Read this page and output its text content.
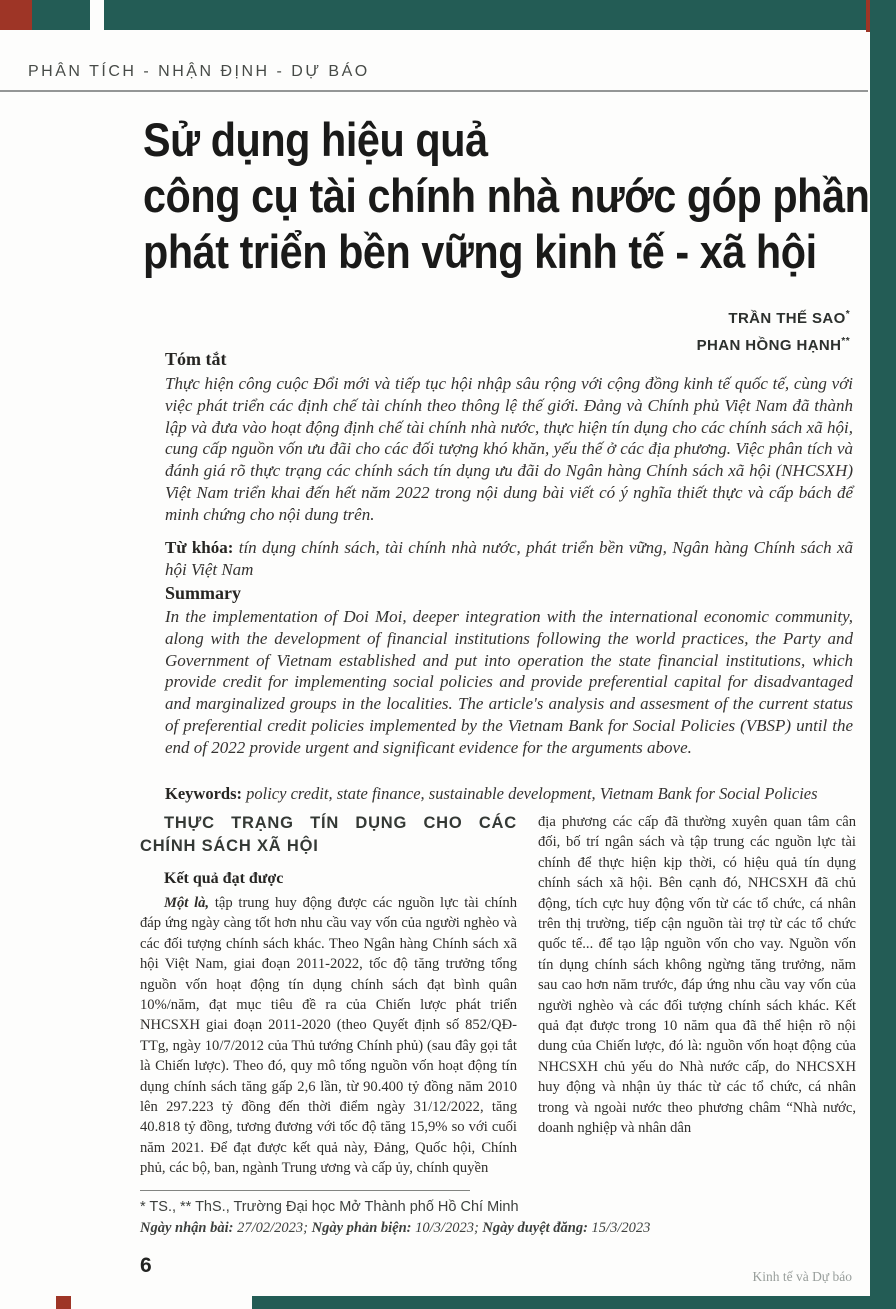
PHÂN TÍCH - NHẬN ĐỊNH - DỰ BÁO
Sử dụng hiệu quả
công cụ tài chính nhà nước góp phần
phát triển bền vững kinh tế - xã hội
TRẦN THẾ SAO*
PHAN HỒNG HẠNH**
Tóm tắt
Thực hiện công cuộc Đổi mới và tiếp tục hội nhập sâu rộng với cộng đồng kinh tế quốc tế, cùng với việc phát triển các định chế tài chính theo thông lệ thế giới. Đảng và Chính phủ Việt Nam đã thành lập và đưa vào hoạt động định chế tài chính nhà nước, thực hiện tín dụng cho các chính sách xã hội, cung cấp nguồn vốn ưu đãi cho các đối tượng khó khăn, yếu thế ở các địa phương. Việc phân tích và đánh giá rõ thực trạng các chính sách tín dụng ưu đãi do Ngân hàng Chính sách xã hội (NHCSXH) Việt Nam triển khai đến hết năm 2022 trong nội dung bài viết có ý nghĩa thiết thực và cấp bách để minh chứng cho nội dung trên.
Từ khóa: tín dụng chính sách, tài chính nhà nước, phát triển bền vững, Ngân hàng Chính sách xã hội Việt Nam
Summary
In the implementation of Doi Moi, deeper integration with the international economic community, along with the development of financial institutions following the world practices, the Party and Government of Vietnam established and put into operation the state financial institutions, which provide credit for implementing social policies and provide preferential capital for disadvantaged and marginalized groups in the localities. The article's analysis and assesment of the current status of preferential credit policies implemented by the Vietnam Bank for Social Policies (VBSP) until the end of 2022 provide urgent and significant evidence for the arguments above.
Keywords: policy credit, state finance, sustainable development, Vietnam Bank for Social Policies

THỰC TRẠNG TÍN DỤNG CHO CÁC CHÍNH SÁCH XÃ HỘI

Kết quả đạt được

Một là, tập trung huy động được các nguồn lực tài chính đáp ứng ngày càng tốt hơn nhu cầu vay vốn của người nghèo và các đối tượng chính sách khác. Theo Ngân hàng Chính sách xã hội Việt Nam, giai đoạn 2011-2022, tốc độ tăng trưởng tổng nguồn vốn hoạt động tín dụng chính sách đạt bình quân 10%/năm, đạt mục tiêu đề ra của Chiến lược phát triển NHCSXH giai đoạn 2011-2020 (theo Quyết định số 852/QĐ-TTg, ngày 10/7/2012 của Thủ tướng Chính phủ) (sau đây gọi tắt là Chiến lược). Theo đó, quy mô tổng nguồn vốn hoạt động tín dụng chính sách tăng gấp 2,6 lần, từ 90.400 tỷ đồng năm 2010 lên 297.223 tỷ đồng đến thời điểm ngày 31/12/2022, tăng 40.818 tỷ đồng, tương đương với tốc độ tăng 15,9% so với cuối năm 2021. Để đạt được kết quả này, Đảng, Quốc hội, Chính phủ, các bộ, ban, ngành Trung ương và cấp ủy, chính quyền

địa phương các cấp đã thường xuyên quan tâm cân đối, bố trí ngân sách và tập trung các nguồn lực tài chính để thực hiện kịp thời, có hiệu quả tín dụng chính sách xã hội. Bên cạnh đó, NHCSXH đã chủ động, tích cực huy động vốn từ các tổ chức, cá nhân trên thị trường, tiếp cận nguồn tài trợ từ các tổ chức quốc tế... để tạo lập nguồn vốn cho vay. Nguồn vốn tín dụng chính sách không ngừng tăng trưởng, năm sau cao hơn năm trước, đáp ứng nhu cầu vay vốn của người nghèo và các đối tượng chính sách khác. Kết quả đạt được trong 10 năm qua đã thể hiện rõ nội dung của Chiến lược, đó là: nguồn vốn hoạt động của NHCSXH chủ yếu do Nhà nước cấp, do NHCSXH huy động và nhận ủy thác từ các tổ chức, cá nhân trong và ngoài nước theo phương châm “Nhà nước, doanh nghiệp và nhân dân

* TS., ** ThS., Trường Đại học Mở Thành phố Hồ Chí Minh
Ngày nhận bài: 27/02/2023; Ngày phản biện: 10/3/2023; Ngày duyệt đăng: 15/3/2023
6	Kinh tế và Dự báo
